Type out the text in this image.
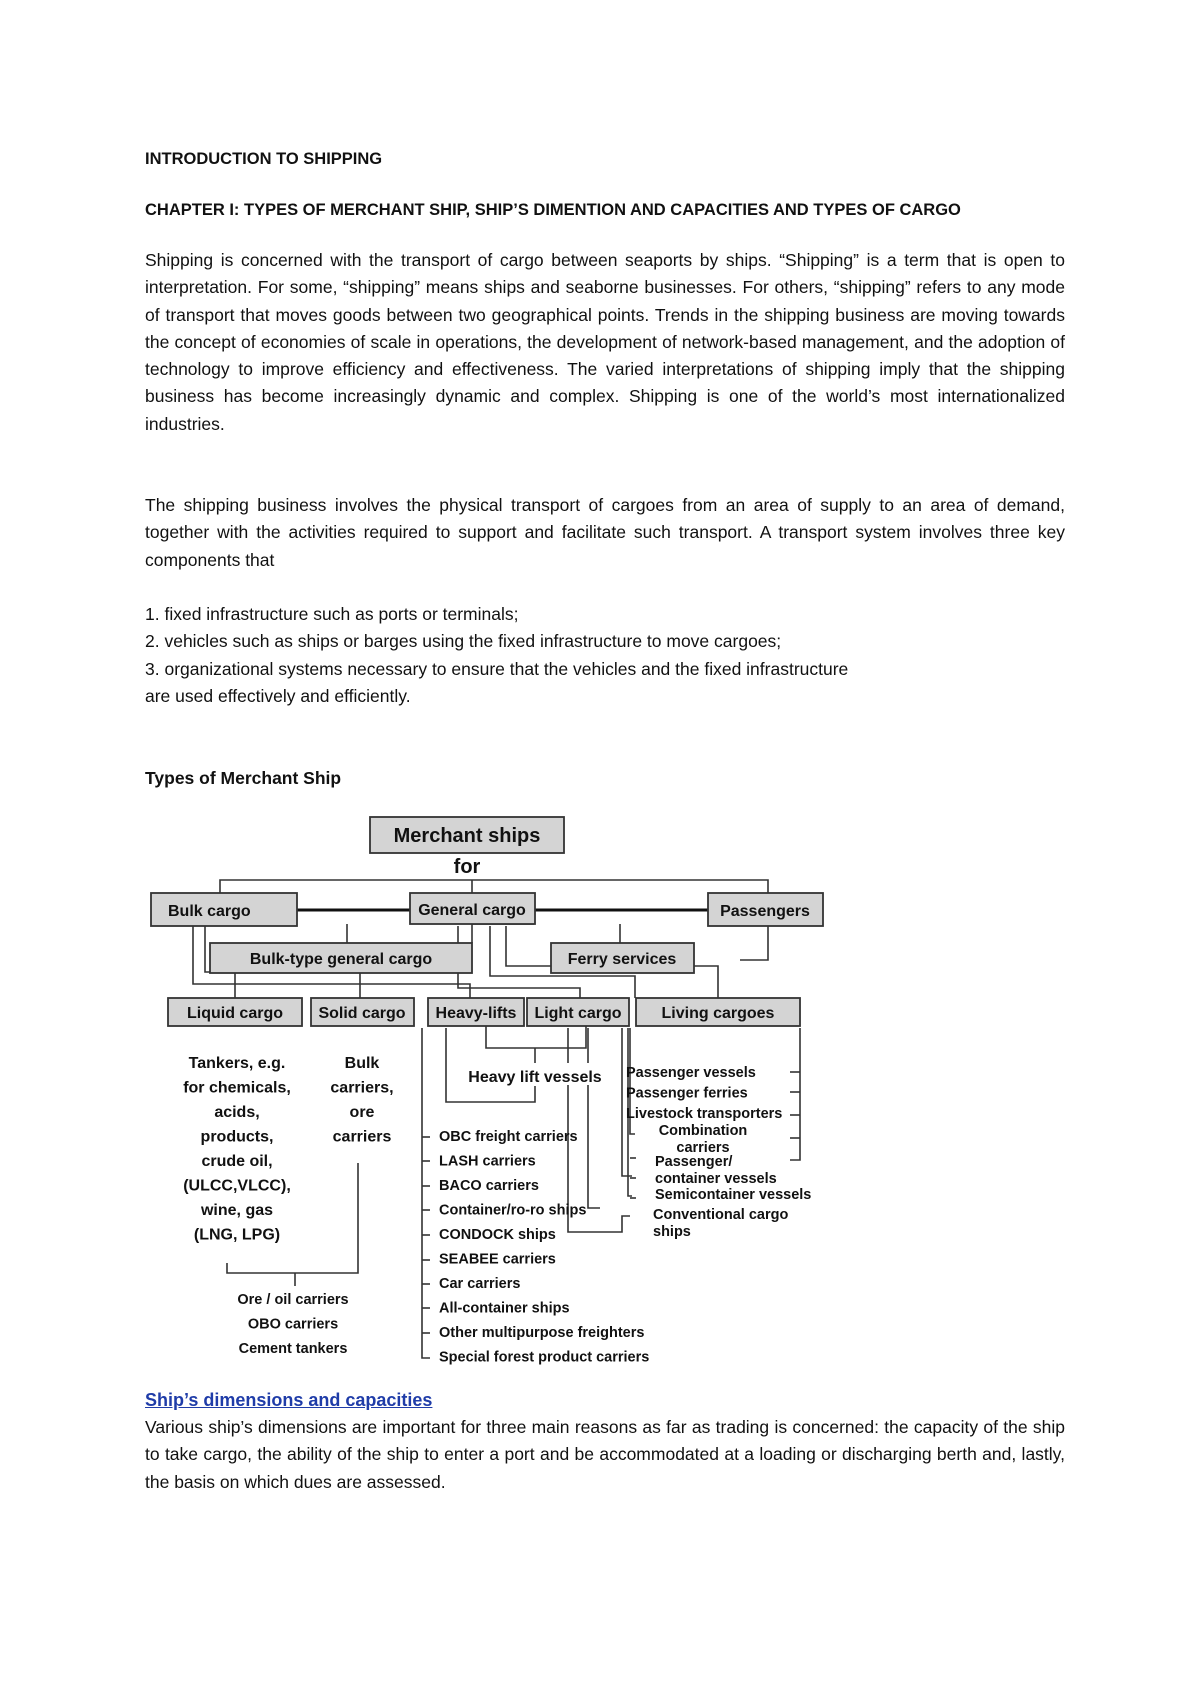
INTRODUCTION TO SHIPPING
CHAPTER I: TYPES OF MERCHANT SHIP, SHIP’S DIMENTION AND CAPACITIES AND TYPES OF CARGO
Shipping is concerned with the transport of cargo between seaports by ships. “Shipping” is a term that is open to interpretation. For some, “shipping” means ships and seaborne businesses. For others, “shipping” refers to any mode of transport that moves goods between two geographical points. Trends in the shipping business are moving towards the concept of economies of scale in operations, the development of network-based management, and the adoption of technology to improve efficiency and effectiveness. The varied interpretations of shipping imply that the shipping business has become increasingly dynamic and complex. Shipping is one of the world’s most internationalized industries.
The shipping business involves the physical transport of cargoes from an area of supply to an area of demand, together with the activities required to support and facilitate such transport. A transport system involves three key components that
1. fixed infrastructure such as ports or terminals;
2. vehicles such as ships or barges using the fixed infrastructure to move cargoes;
3. organizational systems necessary to ensure that the vehicles and the fixed infrastructure
are used effectively and efficiently.
Types of Merchant Ship
Merchant ships
for
Bulk cargo	General cargo	Passengers
Bulk-type general cargo	Ferry services
Liquid cargo Solid cargo Heavy-lifts Light cargo Living cargoes
Heavy lift vessels
Tankers, e.g.
for chemicals,
acids,
products,
crude oil,
(ULCC,VLCC),
wine, gas
(LNG, LPG)
Bulk
carriers,
ore
carriers
Ore / oil carriers
OBO carriers
Cement tankers
OBC freight carriers
LASH carriers
BACO carriers
Container/ro-ro ships
CONDOCK ships
SEABEE carriers
Car carriers
All-container ships
Other multipurpose freighters
Special forest product carriers
Passenger vessels
Passenger ferries
Livestock transporters
Combination
carriers
Passenger/
container vessels
Semicontainer vessels
Conventional cargo
ships
Ship’s dimensions and capacities
Various ship’s dimensions are important for three main reasons as far as trading is concerned: the capacity of the ship to take cargo, the ability of the ship to enter a port and be accommodated at a loading or discharging berth and, lastly, the basis on which dues are assessed.
